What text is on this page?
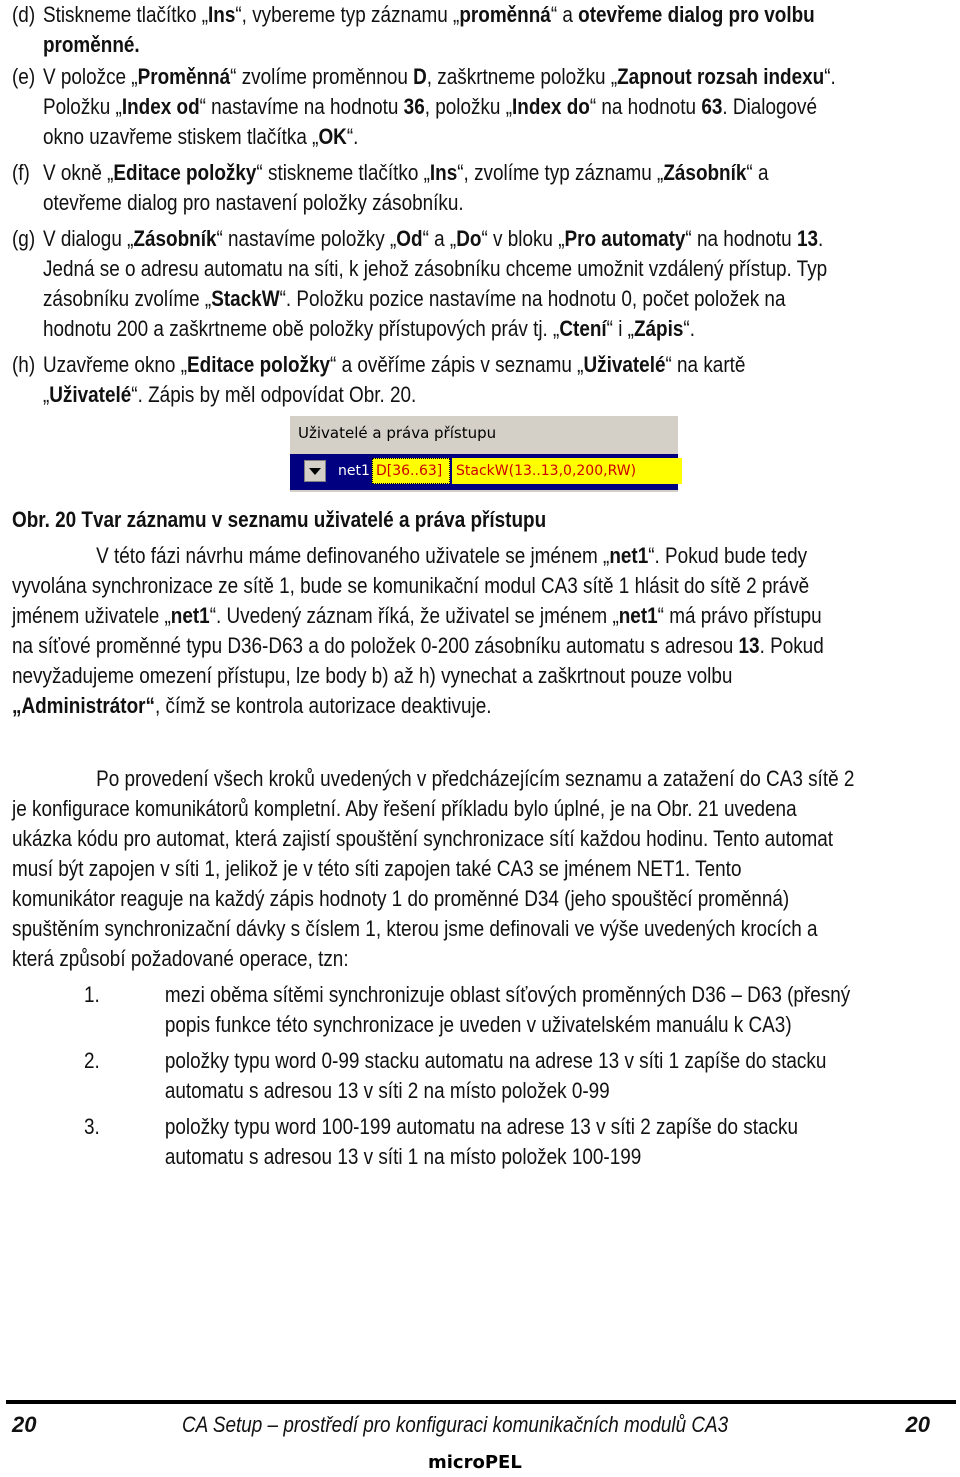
(d) Stiskneme tlačítko „Ins“, vybereme typ záznamu „proměnná“ a otevřeme dialog pro volbu
proměnné.
(e) V položce „Proměnná“ zvolíme proměnnou D, zaškrtneme položku „Zapnout rozsah indexu“.
Položku „Index od“ nastavíme na hodnotu 36, položku „Index do“ na hodnotu 63. Dialogové
okno uzavřeme stiskem tlačítka „OK“.
(f) V okně „Editace položky“ stiskneme tlačítko „Ins“, zvolíme typ záznamu „Zásobník“ a
otevřeme dialog pro nastavení položky zásobníku.
(g) V dialogu „Zásobník“ nastavíme položky „Od“ a „Do“ v bloku „Pro automaty“ na hodnotu 13.
Jedná se o adresu automatu na síti, k jehož zásobníku chceme umožnit vzdálený přístup. Typ
zásobníku zvolíme „StackW“. Položku pozice nastavíme na hodnotu 0, počet položek na
hodnotu 200 a zaškrtneme obě položky přístupových práv tj. „Ctení“ i „Zápis“.
(h) Uzavřeme okno „Editace položky“ a ověříme zápis v seznamu „Uživatelé“ na kartě
„Uživatelé“. Zápis by měl odpovídat Obr. 20.
Uživatelé a práva přístupu
net1 D[36..63] StackW(13..13,0,200,RW)
Obr. 20 Tvar záznamu v seznamu uživatelé a práva přístupu
V této fázi návrhu máme definovaného uživatele se jménem „net1“. Pokud bude tedy
vyvolána synchronizace ze sítě 1, bude se komunikační modul CA3 sítě 1 hlásit do sítě 2 právě
jménem uživatele „net1“. Uvedený záznam říká, že uživatel se jménem „net1“ má právo přístupu
na síťové proměnné typu D36-D63 a do položek 0-200 zásobníku automatu s adresou 13. Pokud
nevyžadujeme omezení přístupu, lze body b) až h) vynechat a zaškrtnout pouze volbu
„Administrátor“, čímž se kontrola autorizace deaktivuje.
Po provedení všech kroků uvedených v předcházejícím seznamu a zatažení do CA3 sítě 2
je konfigurace komunikátorů kompletní. Aby řešení příkladu bylo úplné, je na Obr. 21 uvedena
ukázka kódu pro automat, která zajistí spouštění synchronizace sítí každou hodinu. Tento automat
musí být zapojen v síti 1, jelikož je v této síti zapojen také CA3 se jménem NET1. Tento
komunikátor reaguje na každý zápis hodnoty 1 do proměnné D34 (jeho spouštěcí proměnná)
spuštěním synchronizační dávky s číslem 1, kterou jsme definovali ve výše uvedených krocích a
která způsobí požadované operace, tzn:
1.	mezi oběma sítěmi synchronizuje oblast síťových proměnných D36 – D63 (přesný
popis funkce této synchronizace je uveden v uživatelském manuálu k CA3)
2.	položky typu word 0-99 stacku automatu na adrese 13 v síti 1 zapíše do stacku
automatu s adresou 13 v síti 2 na místo položek 0-99
3.	položky typu word 100-199 automatu na adrese 13 v síti 2 zapíše do stacku
automatu s adresou 13 v síti 1 na místo položek 100-199
20	CA Setup – prostředí pro konfiguraci komunikačních modulů CA3	20
microPEL
